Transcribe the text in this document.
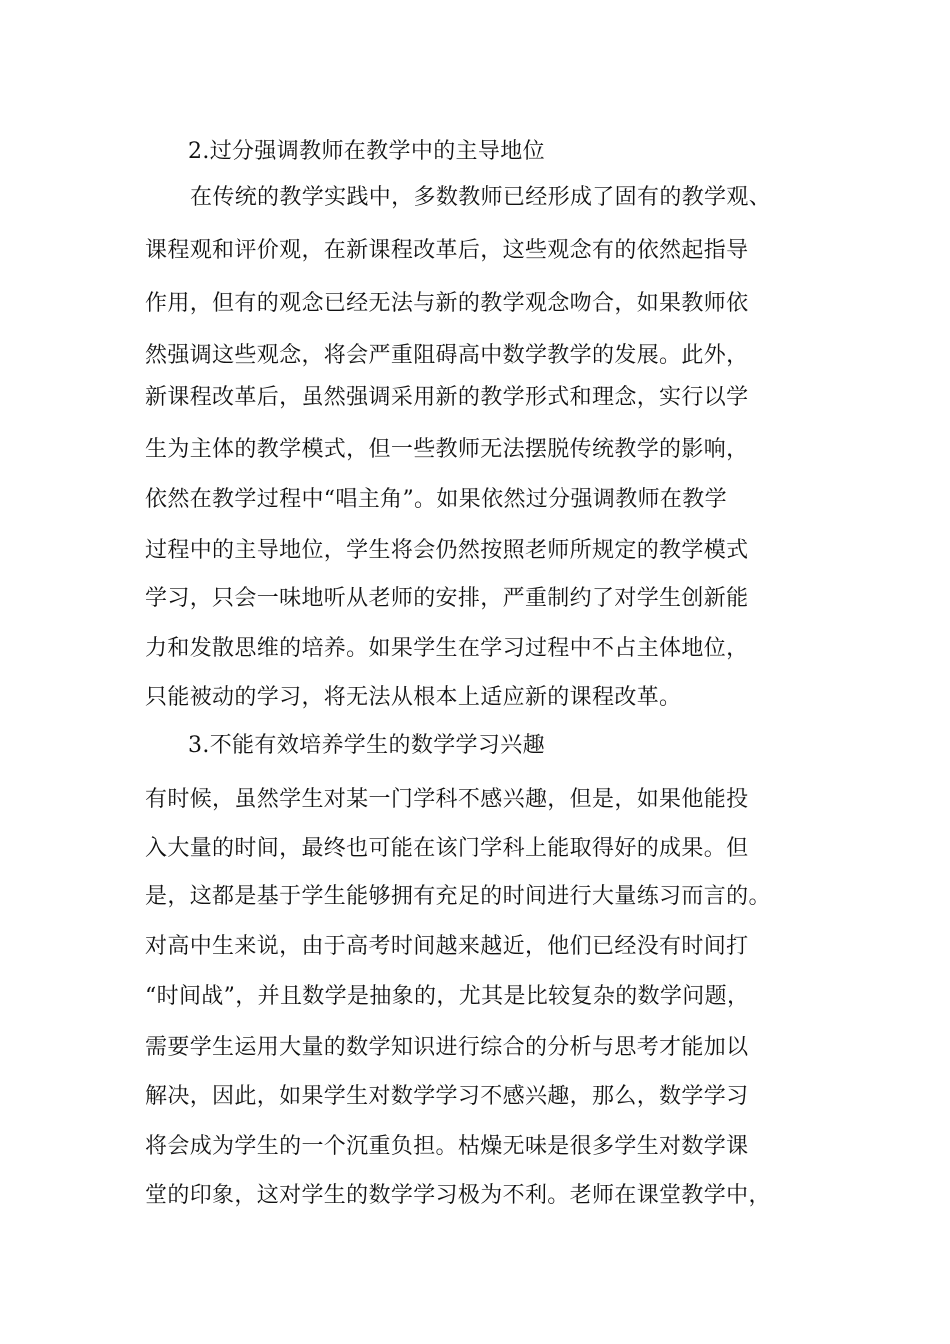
2.过分强调教师在教学中的主导地位
在传统的教学实践中，多数教师已经形成了固有的教学观、
课程观和评价观，在新课程改革后，这些观念有的依然起指导
作用，但有的观念已经无法与新的教学观念吻合，如果教师依
然强调这些观念，将会严重阻碍高中数学教学的发展。此外，
新课程改革后，虽然强调采用新的教学形式和理念，实行以学
生为主体的教学模式，但一些教师无法摆脱传统教学的影响，
依然在教学过程中“唱主角”。如果依然过分强调教师在教学
过程中的主导地位，学生将会仍然按照老师所规定的教学模式
学习，只会一味地听从老师的安排，严重制约了对学生创新能
力和发散思维的培养。如果学生在学习过程中不占主体地位，
只能被动的学习，将无法从根本上适应新的课程改革。
3.不能有效培养学生的数学学习兴趣
有时候，虽然学生对某一门学科不感兴趣，但是，如果他能投
入大量的时间，最终也可能在该门学科上能取得好的成果。但
是，这都是基于学生能够拥有充足的时间进行大量练习而言的。
对高中生来说，由于高考时间越来越近，他们已经没有时间打
“时间战”，并且数学是抽象的，尤其是比较复杂的数学问题，
需要学生运用大量的数学知识进行综合的分析与思考才能加以
解决，因此，如果学生对数学学习不感兴趣，那么，数学学习
将会成为学生的一个沉重负担。枯燥无味是很多学生对数学课
堂的印象，这对学生的数学学习极为不利。老师在课堂教学中，
